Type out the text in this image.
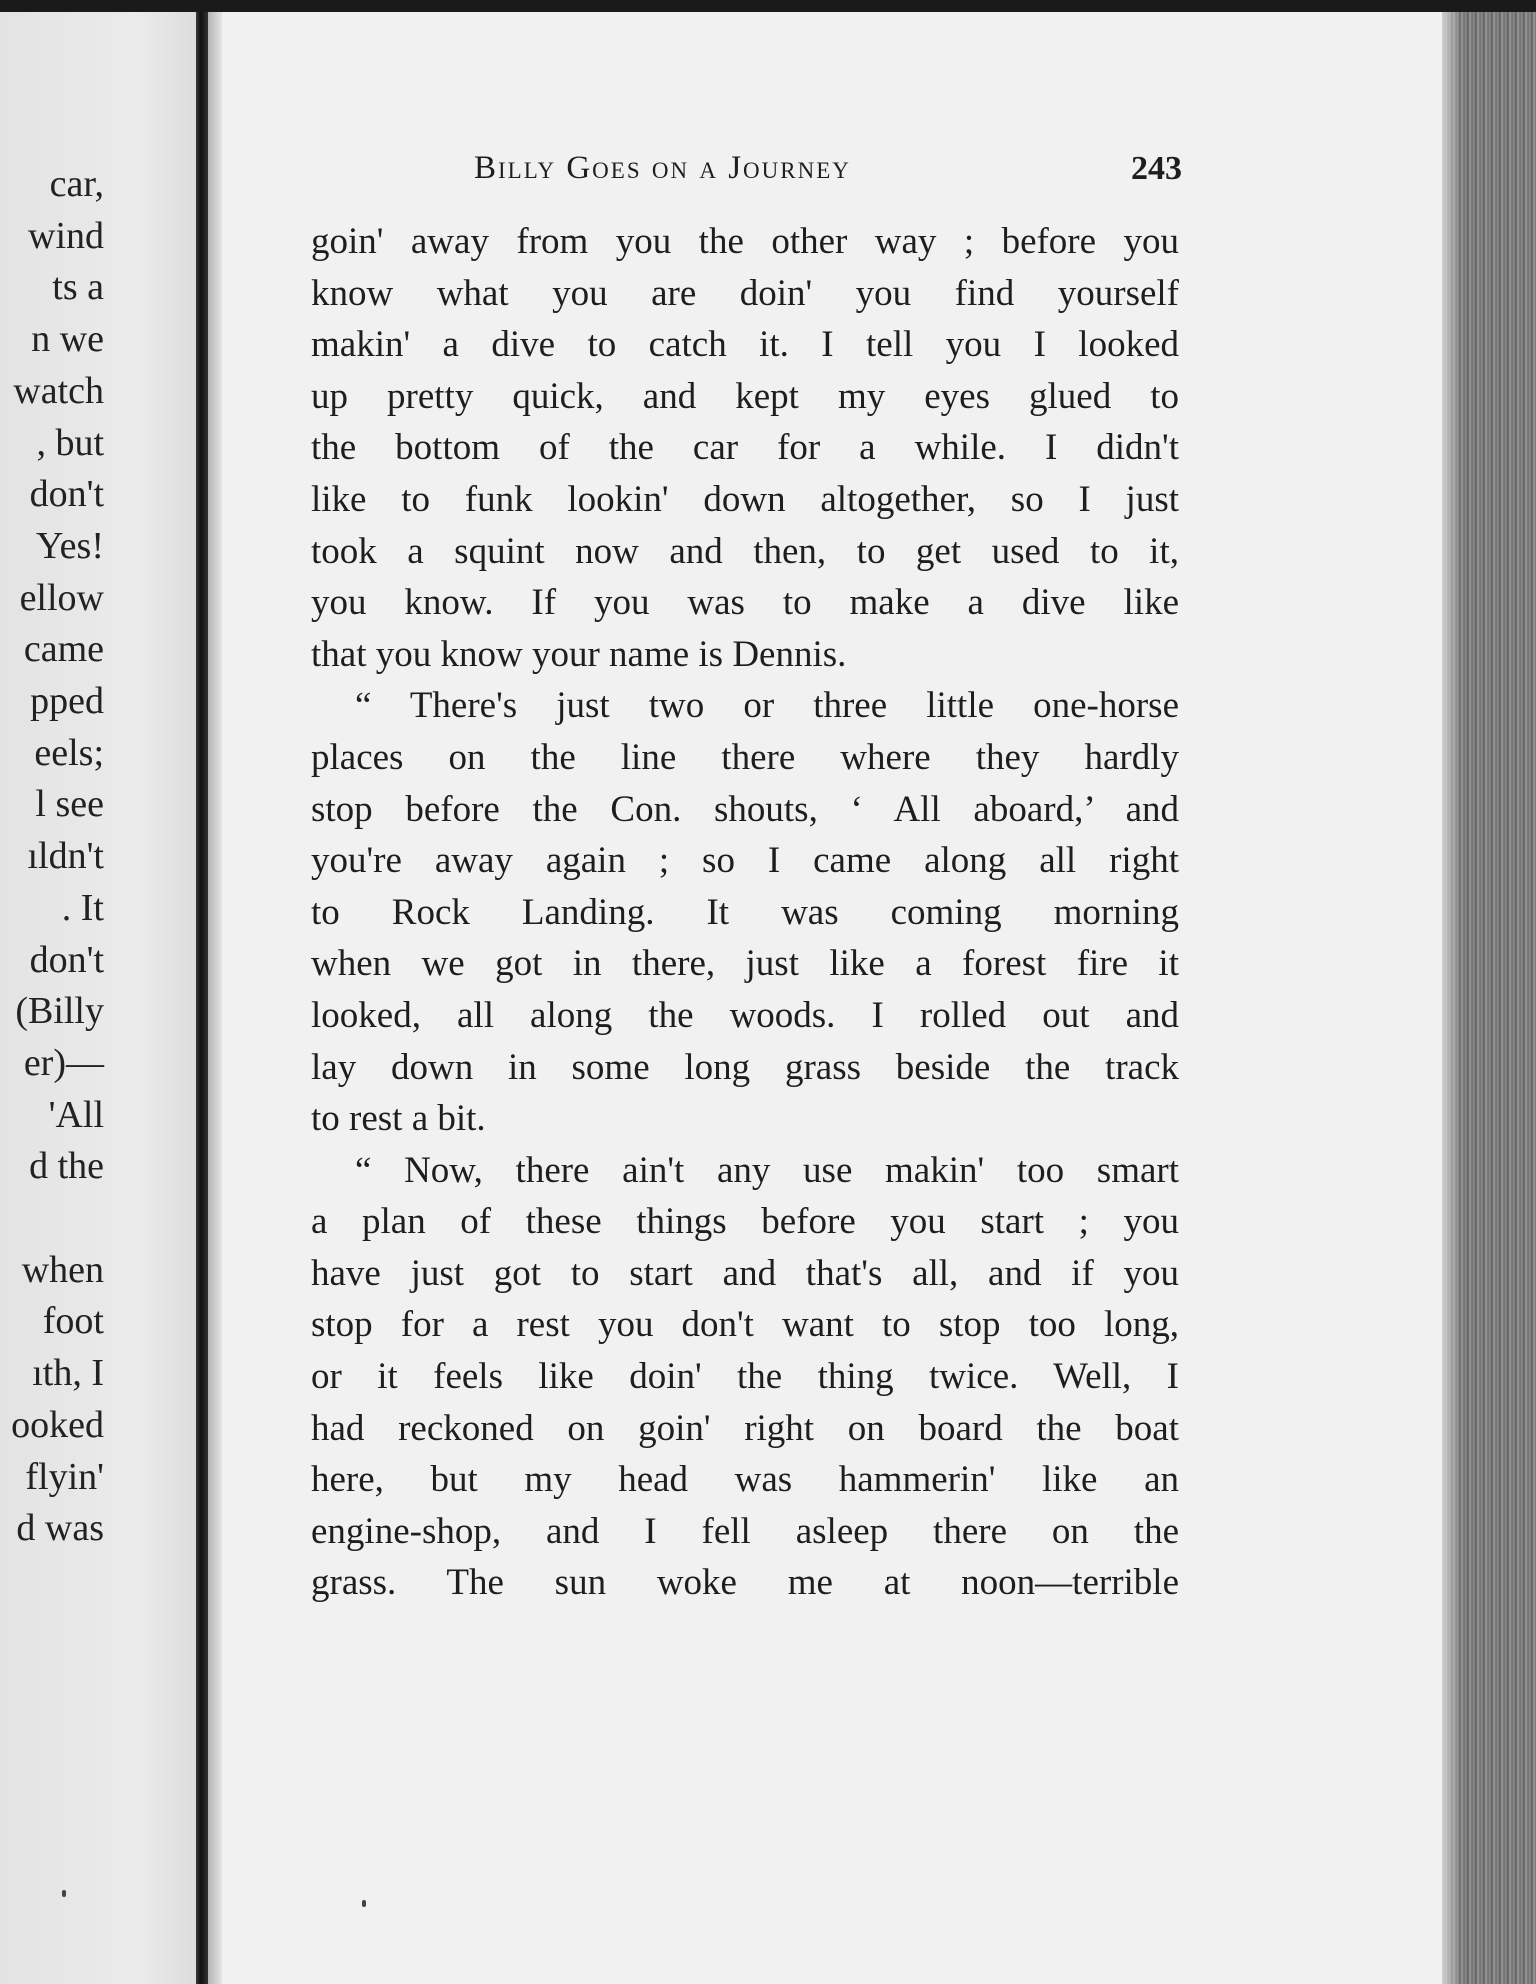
car,
wind
ts a
n we
watch
, but
don't
Yes!
ellow
came
pped
eels;
l see
ıldn't
. It
don't
(Billy
er)—
'All
d the
when
foot
ıth, I
ooked
flyin'
d was
Billy Goes on a Journey	243
goin' away from you the other way ; before you
know what you are doin' you find yourself
makin' a dive to catch it. I tell you I looked
up pretty quick, and kept my eyes glued to
the bottom of the car for a while. I didn't
like to funk lookin' down altogether, so I just
took a squint now and then, to get used to it,
you know. If you was to make a dive like
that you know your name is Dennis.
“ There's just two or three little one-horse
places on the line there where they hardly
stop before the Con. shouts, ‘ All aboard,’ and
you're away again ; so I came along all right
to Rock Landing. It was coming morning
when we got in there, just like a forest fire it
looked, all along the woods. I rolled out and
lay down in some long grass beside the track
to rest a bit.
“ Now, there ain't any use makin' too smart
a plan of these things before you start ; you
have just got to start and that's all, and if you
stop for a rest you don't want to stop too long,
or it feels like doin' the thing twice. Well, I
had reckoned on goin' right on board the boat
here, but my head was hammerin' like an
engine-shop, and I fell asleep there on the
grass. The sun woke me at noon—terrible
